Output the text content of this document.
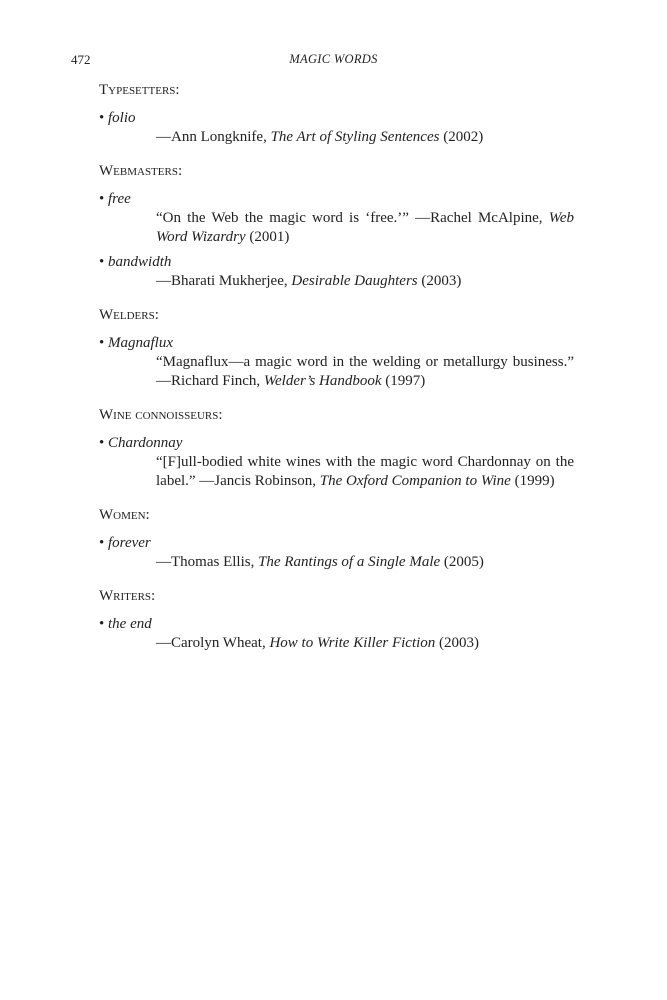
472	MAGIC WORDS
Typesetters:
• folio
—Ann Longknife, The Art of Styling Sentences (2002)
Webmasters:
• free
“On the Web the magic word is ‘free.’” —Rachel McAlpine, Web Word Wizardry (2001)
• bandwidth
—Bharati Mukherjee, Desirable Daughters (2003)
Welders:
• Magnaflux
“Magnaflux—a magic word in the welding or metallurgy business.” —Richard Finch, Welder’s Handbook (1997)
Wine connoisseurs:
• Chardonnay
“[F]ull-bodied white wines with the magic word Chardonnay on the label.” —Jancis Robinson, The Oxford Companion to Wine (1999)
Women:
• forever
—Thomas Ellis, The Rantings of a Single Male (2005)
Writers:
• the end
—Carolyn Wheat, How to Write Killer Fiction (2003)
